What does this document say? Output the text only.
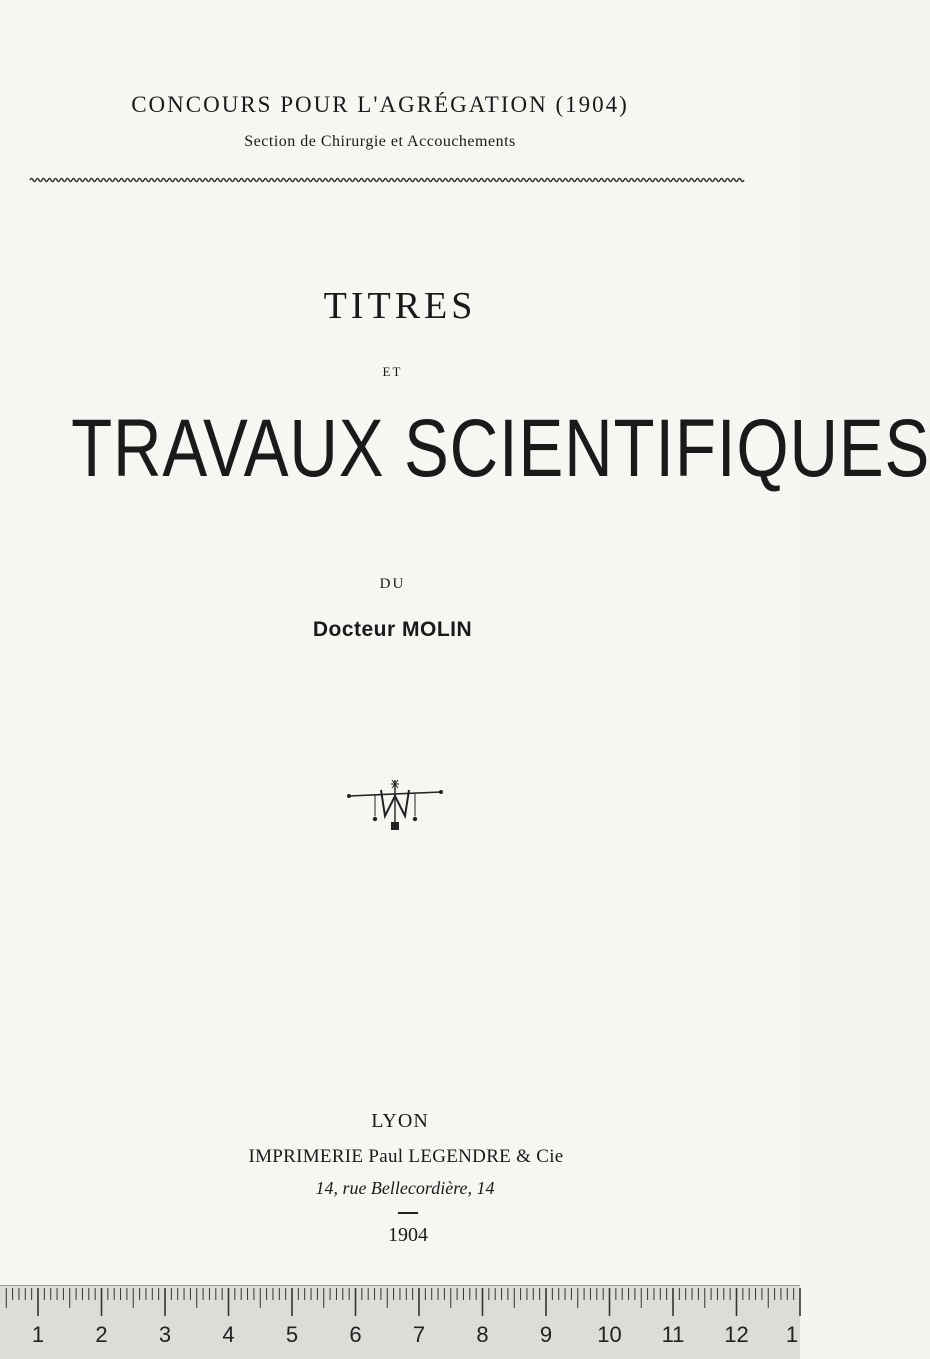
CONCOURS POUR L'AGRÉGATION (1904)
Section de Chirurgie et Accouchements
TITRES
ET
TRAVAUX SCIENTIFIQUES
DU
Docteur MOLIN
LYON
IMPRIMERIE Paul LEGENDRE & Cie
14, rue Bellecordière, 14
1904
1 2 3 4 5 6 7 8 9 10 11 12 1
